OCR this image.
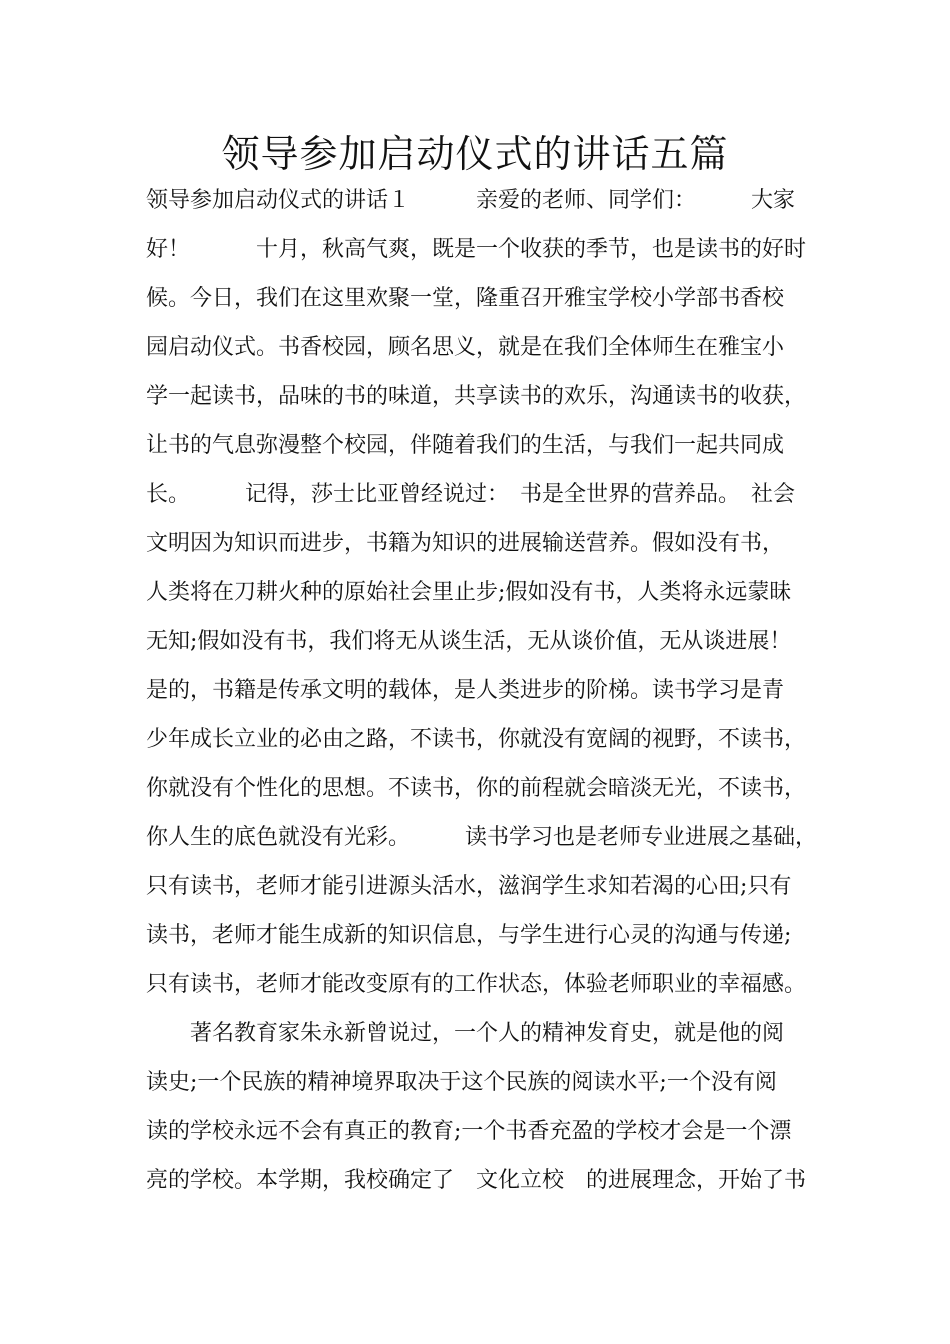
领导参加启动仪式的讲话五篇
领导参加启动仪式的讲话１　　　亲爱的老师、同学们：　　　大家
好！　　　十月，秋高气爽，既是一个收获的季节，也是读书的好时
候。今日，我们在这里欢聚一堂，隆重召开雅宝学校小学部书香校
园启动仪式。书香校园，顾名思义，就是在我们全体师生在雅宝小
学一起读书，品味的书的味道，共享读书的欢乐，沟通读书的收获，
让书的气息弥漫整个校园，伴随着我们的生活，与我们一起共同成
长。　　　记得，莎士比亚曾经说过：　书是全世界的营养品。　社会
文明因为知识而进步，书籍为知识的进展输送营养。假如没有书，
人类将在刀耕火种的原始社会里止步;假如没有书，人类将永远蒙昧
无知;假如没有书，我们将无从谈生活，无从谈价值，无从谈进展！
是的，书籍是传承文明的载体，是人类进步的阶梯。读书学习是青
少年成长立业的必由之路，不读书，你就没有宽阔的视野，不读书，
你就没有个性化的思想。不读书，你的前程就会暗淡无光，不读书，
你人生的底色就没有光彩。　　　读书学习也是老师专业进展之基础，
只有读书，老师才能引进源头活水，滋润学生求知若渴的心田;只有
读书，老师才能生成新的知识信息，与学生进行心灵的沟通与传递;
只有读书，老师才能改变原有的工作状态，体验老师职业的幸福感。
　　著名教育家朱永新曾说过，一个人的精神发育史，就是他的阅
读史;一个民族的精神境界取决于这个民族的阅读水平;一个没有阅
读的学校永远不会有真正的教育;一个书香充盈的学校才会是一个漂
亮的学校。本学期，我校确定了　文化立校　的进展理念，开始了书
